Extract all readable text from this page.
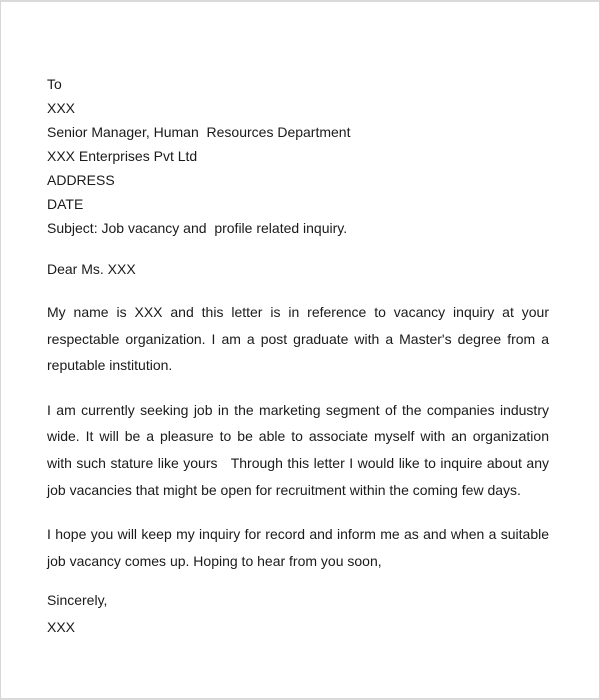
To
XXX
Senior Manager, Human  Resources Department
XXX Enterprises Pvt Ltd
ADDRESS
DATE
Subject: Job vacancy and  profile related inquiry.
Dear Ms. XXX
My name is XXX and this letter is in reference to vacancy inquiry at your
respectable organization. I am a post graduate with a Master's degree from a
reputable institution.
I am currently seeking job in the marketing segment of the companies industry
wide. It will be a pleasure to be able to associate myself with an organization
with such stature like yours   Through this letter I would like to inquire about any
job vacancies that might be open for recruitment within the coming few days.
I hope you will keep my inquiry for record and inform me as and when a suitable
job vacancy comes up. Hoping to hear from you soon,
Sincerely,
XXX
